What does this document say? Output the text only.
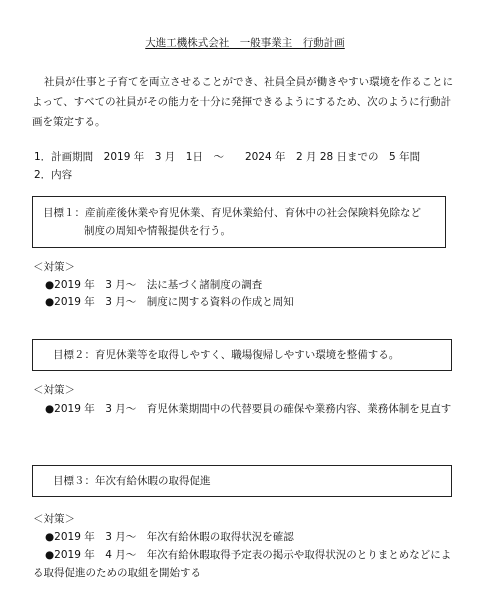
大進工機株式会社　一般事業主　行動計画
社員が仕事と子育てを両立させることができ、社員全員が働きやすい環境を作ることに
よって、すべての社員がその能力を十分に発揮できるようにするため、次のように行動計
画を策定する。
1．計画期間　2019 年　3 月　1日　～　　2024 年　2 月 28 日までの　5 年間
2．内容
目標１：産前産後休業や育児休業、育児休業給付、育休中の社会保険料免除など
制度の周知や情報提供を行う。
＜対策＞
●2019 年　3 月～　法に基づく諸制度の調査
●2019 年　3 月～　制度に関する資料の作成と周知
目標２：育児休業等を取得しやすく、職場復帰しやすい環境を整備する。
＜対策＞
●2019 年　3 月～　育児休業期間中の代替要員の確保や業務内容、業務体制を見直す
目標３：年次有給休暇の取得促進
＜対策＞
●2019 年　3 月～　年次有給休暇の取得状況を確認
●2019 年　4 月～　年次有給休暇取得予定表の掲示や取得状況のとりまとめなどによ
る取得促進のための取組を開始する
